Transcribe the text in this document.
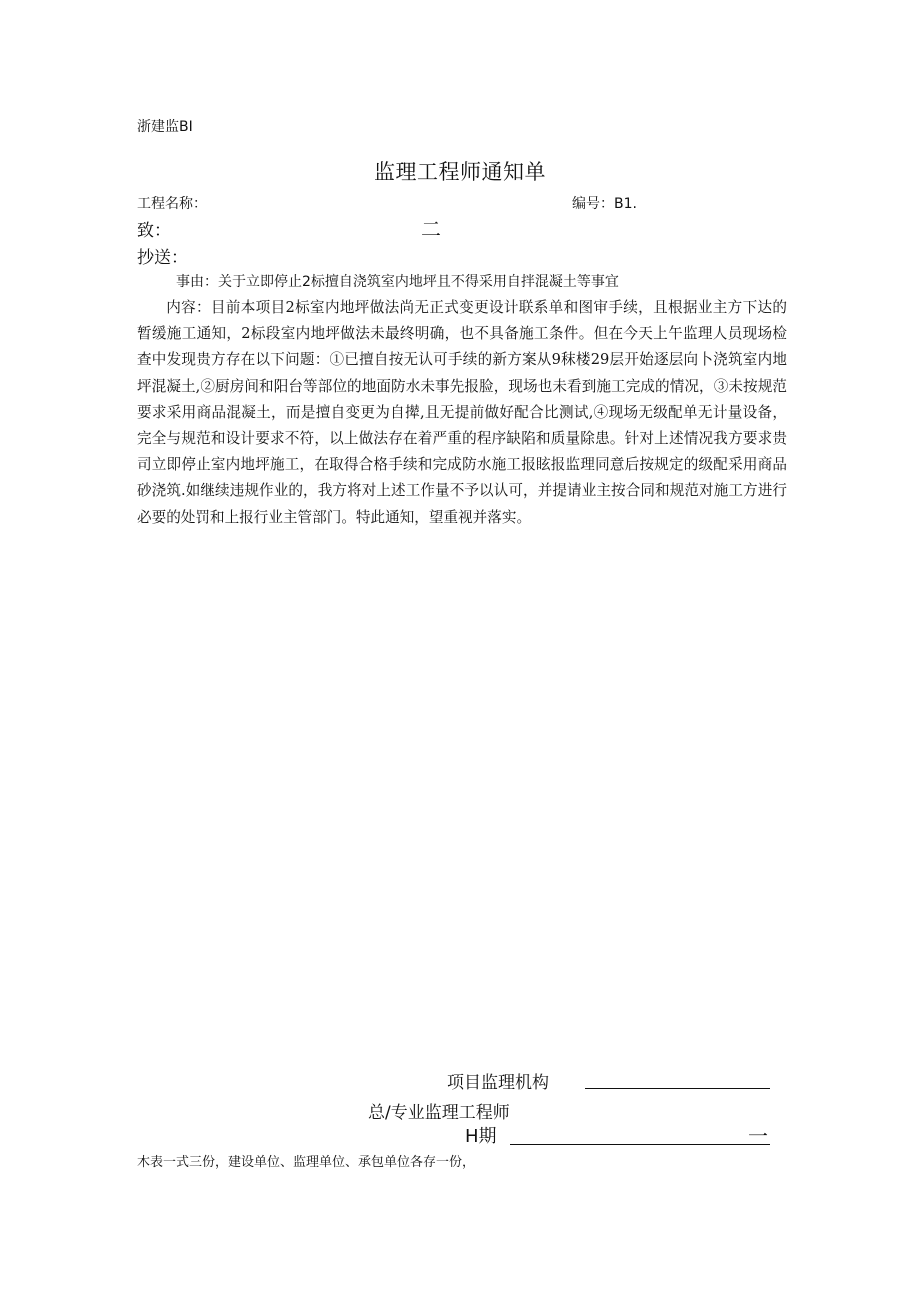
浙建监BI
监理工程师通知单
工程名称：	编号：B1.
致：	二
抄送：
事由：关于立即停止2标擅自浇筑室内地坪且不得采用自拌混凝土等事宜
内容：目前本项目2标室内地坪做法尚无正式变更设计联系单和图审手续，且根据业主方下达的暂缓施工通知，2标段室内地坪做法未最终明确，也不具备施工条件。但在今天上午监理人员现场检查中发现贵方存在以下问题：①已擅自按无认可手续的新方案从9秣楼29层开始逐层向卜浇筑室内地坪混凝土,②厨房间和阳台等部位的地面防水未事先报脸，现场也未看到施工完成的情况，③未按规范要求采用商品混凝土，而是擅自变更为自撵,且无提前做好配合比测试,④现场无级配单无计量设备，完全与规范和设计要求不符，以上做法存在着严重的程序缺陷和质量除患。针对上述情况我方要求贵司立即停止室内地坪施工，在取得合格手续和完成防水施工报眩报监理同意后按规定的级配采用商品砂浇筑.如继续违规作业的，我方将对上述工作量不予以认可，并提请业主按合同和规范对施工方进行必要的处罚和上报行业主管部门。特此通知，望重视并落实。
项目监理机构
总/专业监理工程师
H期	一
木表一式三份，建设单位、监理单位、承包单位各存一份，
